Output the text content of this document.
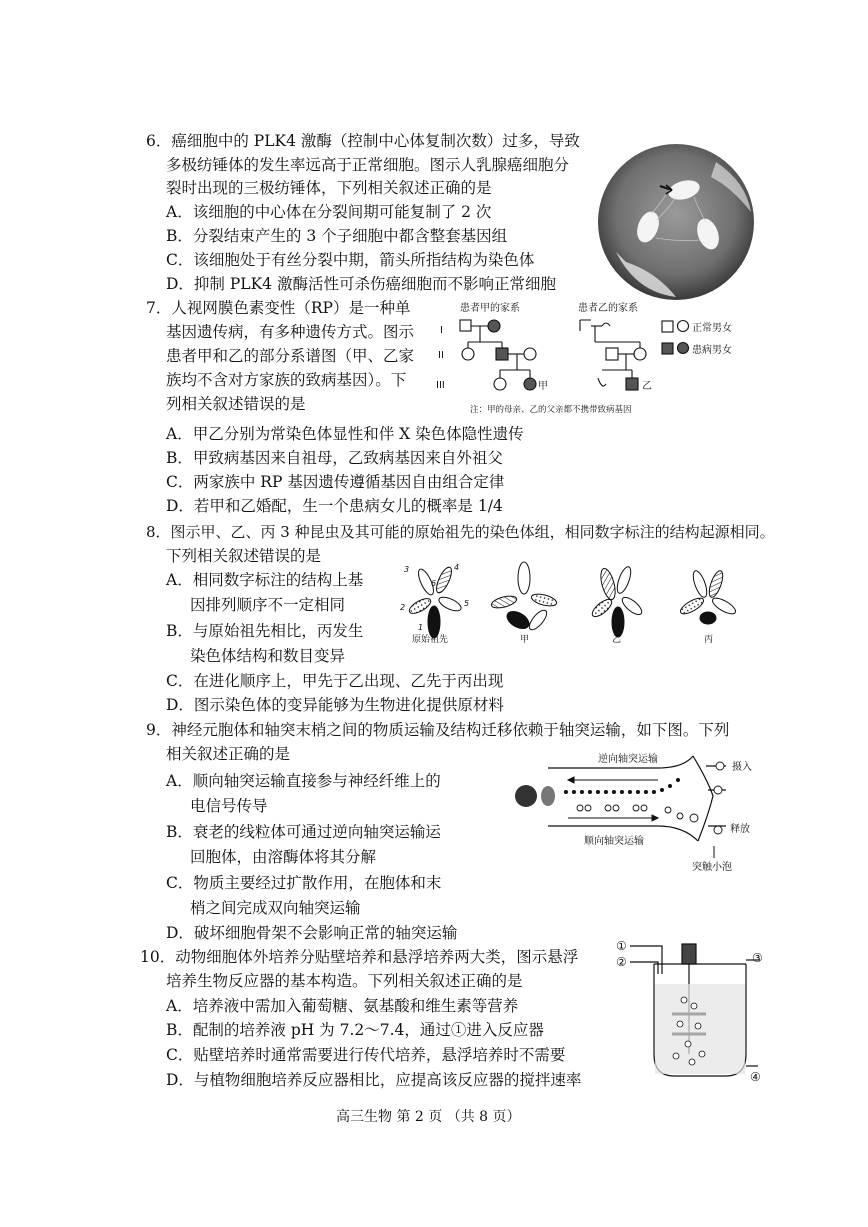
6．癌细胞中的 PLK4 激酶（控制中心体复制次数）过多，导致
多极纺锤体的发生率远高于正常细胞。图示人乳腺癌细胞分
裂时出现的三极纺锤体，下列相关叙述正确的是
A．该细胞的中心体在分裂间期可能复制了 2 次
B．分裂结束产生的 3 个子细胞中都含整套基因组
C．该细胞处于有丝分裂中期，箭头所指结构为染色体
D．抑制 PLK4 激酶活性可杀伤癌细胞而不影响正常细胞
7．人视网膜色素变性（RP）是一种单
基因遗传病，有多种遗传方式。图示
患者甲和乙的部分系谱图（甲、乙家
族均不含对方家族的致病基因）。下
列相关叙述错误的是
I
II
III
患者甲的家系	患者乙的家系
甲	乙
正常男女
患病男女
注：甲的母亲、乙的父亲都不携带致病基因
A．甲乙分别为常染色体显性和伴 X 染色体隐性遗传
B．甲致病基因来自祖母，乙致病基因来自外祖父
C．两家族中 RP 基因遗传遵循基因自由组合定律
D．若甲和乙婚配，生一个患病女儿的概率是 1/4
8．图示甲、乙、丙 3 种昆虫及其可能的原始祖先的染色体组，相同数字标注的结构起源相同。
下列相关叙述错误的是
A．相同数字标注的结构上基
因排列顺序不一定相同
B．与原始祖先相比，丙发生
染色体结构和数目变异
C．在进化顺序上，甲先于乙出现、乙先于丙出现
D．图示染色体的变异能够为生物进化提供原材料
3	4
6
2	5
1
原始祖先	甲	乙	丙
9．神经元胞体和轴突末梢之间的物质运输及结构迁移依赖于轴突运输，如下图。下列
相关叙述正确的是
A．顺向轴突运输直接参与神经纤维上的
电信号传导
B．衰老的线粒体可通过逆向轴突运输运
回胞体，由溶酶体将其分解
C．物质主要经过扩散作用，在胞体和末
梢之间完成双向轴突运输
D．破坏细胞骨架不会影响正常的轴突运输
逆向轴突运输
顺向轴突运输
摄入
释放
突触小泡
10．动物细胞体外培养分贴壁培养和悬浮培养两大类，图示悬浮
培养生物反应器的基本构造。下列相关叙述正确的是
A．培养液中需加入葡萄糖、氨基酸和维生素等营养
B．配制的培养液 pH 为 7.2～7.4，通过①进入反应器
C．贴壁培养时通常需要进行传代培养，悬浮培养时不需要
D．与植物细胞培养反应器相比，应提高该反应器的搅拌速率
①
②	③
④
高三生物 第 2 页 （共 8 页）
